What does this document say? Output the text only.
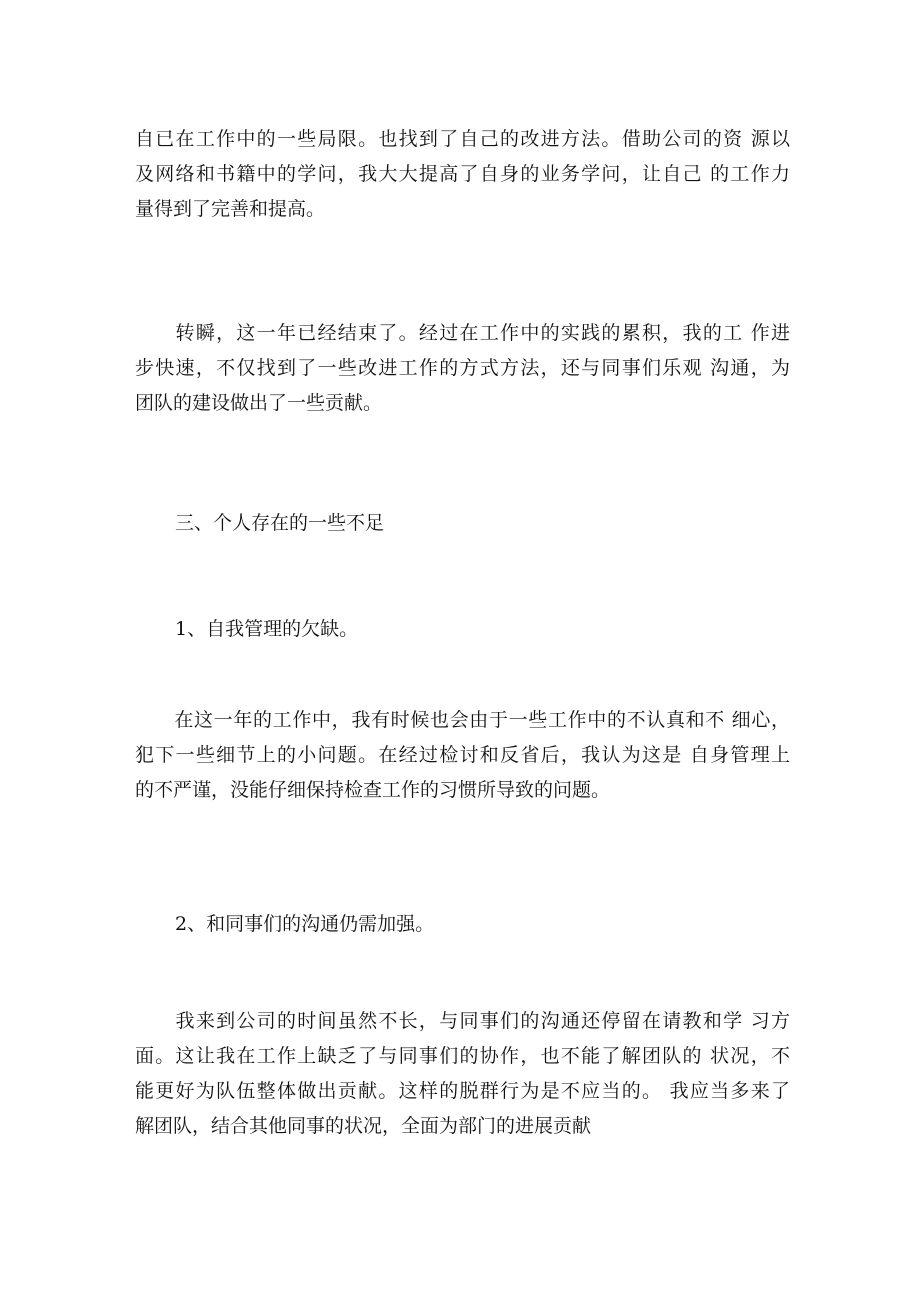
自已在工作中的一些局限。也找到了自己的改进方法。借助公司的资 源以
及网络和书籍中的学问，我大大提高了自身的业务学问，让自己 的工作力
量得到了完善和提高。
　　转瞬，这一年已经结束了。经过在工作中的实践的累积，我的工 作进
步快速，不仅找到了一些改进工作的方式方法，还与同事们乐观 沟通，为
团队的建设做出了一些贡献。

三、个人存在的一些不足

1、自我管理的欠缺。

　　在这一年的工作中，我有时候也会由于一些工作中的不认真和不 细心，
犯下一些细节上的小问题。在经过检讨和反省后，我认为这是 自身管理上
的不严谨，没能仔细保持检查工作的习惯所导致的问题。

2、和同事们的沟通仍需加强。

　　我来到公司的时间虽然不长，与同事们的沟通还停留在请教和学 习方
面。这让我在工作上缺乏了与同事们的协作，也不能了解团队的 状况，不
能更好为队伍整体做出贡献。这样的脱群行为是不应当的。 我应当多来了
解团队，结合其他同事的状况，全面为部门的进展贡献
